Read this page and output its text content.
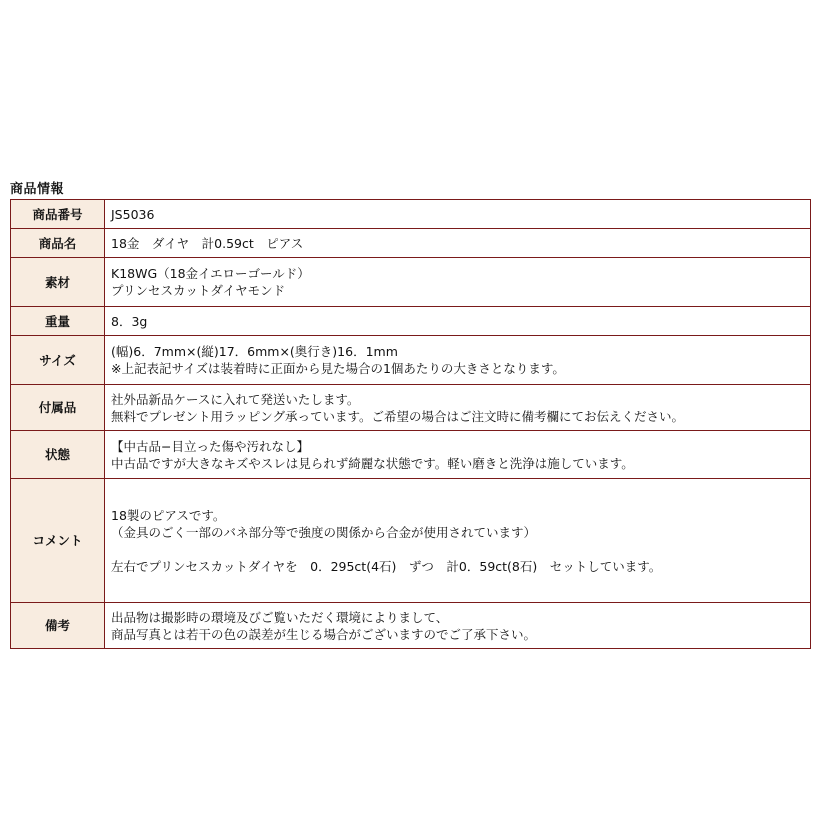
商品情報
商品番号	JS5036

商品名	18金　ダイヤ　計0.59ct　ピアス

素材	K18WG（18金イエローゴールド）
プリンセスカットダイヤモンド

重量	8．3g

サイズ	(幅)6．7mm×(縦)17．6mm×(奥行き)16．1mm
※上記表記サイズは装着時に正面から見た場合の1個あたりの大きさとなります。

付属品	社外品新品ケースに入れて発送いたします。
無料でプレゼント用ラッピング承っています。ご希望の場合はご注文時に備考欄にてお伝えください。

状態	【中古品−目立った傷や汚れなし】
中古品ですが大きなキズやスレは見られず綺麗な状態です。軽い磨きと洗浄は施しています。

コメント	18製のピアスです。
（金具のごく一部のバネ部分等で強度の関係から合金が使用されています）
左右でプリンセスカットダイヤを　0．295ct(4石)　ずつ　計0．59ct(8石)　セットしています。

備考	出品物は撮影時の環境及びご覧いただく環境によりまして、
商品写真とは若干の色の誤差が生じる場合がございますのでご了承下さい。
